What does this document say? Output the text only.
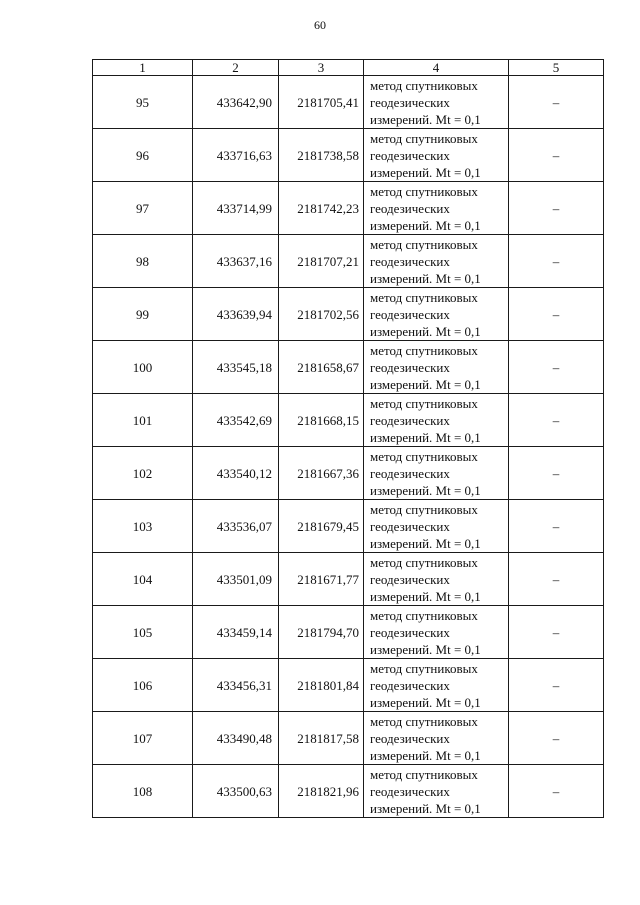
60
1	2	3	4	5
95	433642,90	2181705,41	метод спутниковых
геодезических
измерений. Mt = 0,1	–
96	433716,63	2181738,58	метод спутниковых
геодезических
измерений. Mt = 0,1	–
97	433714,99	2181742,23	метод спутниковых
геодезических
измерений. Mt = 0,1	–
98	433637,16	2181707,21	метод спутниковых
геодезических
измерений. Mt = 0,1	–
99	433639,94	2181702,56	метод спутниковых
геодезических
измерений. Mt = 0,1	–
100	433545,18	2181658,67	метод спутниковых
геодезических
измерений. Mt = 0,1	–
101	433542,69	2181668,15	метод спутниковых
геодезических
измерений. Mt = 0,1	–
102	433540,12	2181667,36	метод спутниковых
геодезических
измерений. Mt = 0,1	–
103	433536,07	2181679,45	метод спутниковых
геодезических
измерений. Mt = 0,1	–
104	433501,09	2181671,77	метод спутниковых
геодезических
измерений. Mt = 0,1	–
105	433459,14	2181794,70	метод спутниковых
геодезических
измерений. Mt = 0,1	–
106	433456,31	2181801,84	метод спутниковых
геодезических
измерений. Mt = 0,1	–
107	433490,48	2181817,58	метод спутниковых
геодезических
измерений. Mt = 0,1	–
108	433500,63	2181821,96	метод спутниковых
геодезических
измерений. Mt = 0,1	–
